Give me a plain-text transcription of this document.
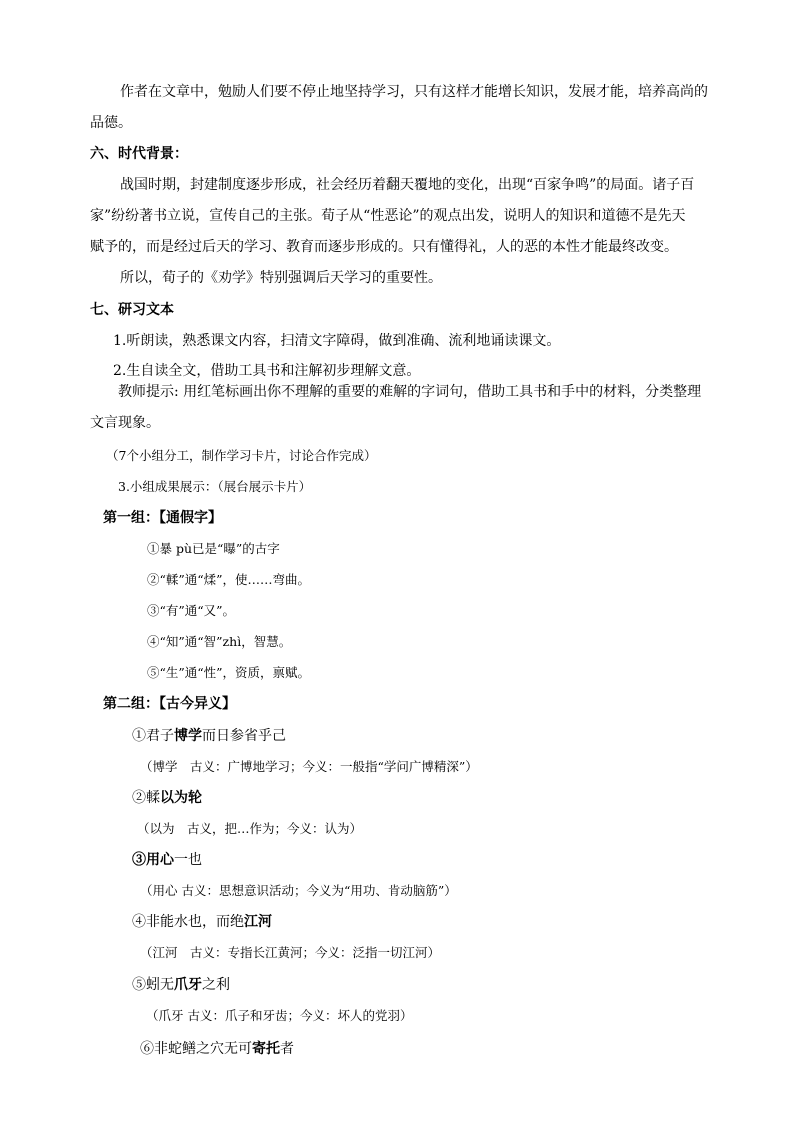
作者在文章中，勉励人们要不停止地坚持学习，只有这样才能增长知识，发展才能，培养高尚的
品德。
六、时代背景：
战国时期，封建制度逐步形成，社会经历着翻天覆地的变化，出现“百家争鸣”的局面。诸子百
家”纷纷著书立说，宣传自己的主张。荀子从“性恶论”的观点出发，说明人的知识和道德不是先天
赋予的，而是经过后天的学习、教育而逐步形成的。只有懂得礼，人的恶的本性才能最终改变。
所以，荀子的《劝学》特别强调后天学习的重要性。
七、研习文本
1.听朗读，熟悉课文内容，扫清文字障碍，做到准确、流利地诵读课文。
2.生自读全文，借助工具书和注解初步理解文意。
教师提示: 用红笔标画出你不理解的重要的难解的字词句，借助工具书和手中的材料，分类整理
文言现象。
（7个小组分工，制作学习卡片，讨论合作完成）
3.小组成果展示：（展台展示卡片）
第一组：【通假字】
①暴 pù已是“曝”的古字
②“輮”通“煣”，使……弯曲。
③“有”通“又”。
④“知”通“智”zhì，智慧。
⑤“生”通“性”，资质，禀赋。
第二组：【古今异义】
①君子博学而日参省乎己
（博学　古义：广博地学习；今义：一般指“学问广博精深”）
②輮以为轮
（以为　古义，把…作为；今义：认为）
③用心一也
（用心 古义：思想意识活动；今义为“用功、肯动脑筋”）
④非能水也，而绝江河
（江河　古义：专指长江黄河；今义：泛指一切江河）
⑤蚓无爪牙之利
（爪牙 古义：爪子和牙齿；今义：坏人的党羽）
⑥非蛇鳝之穴无可寄托者
